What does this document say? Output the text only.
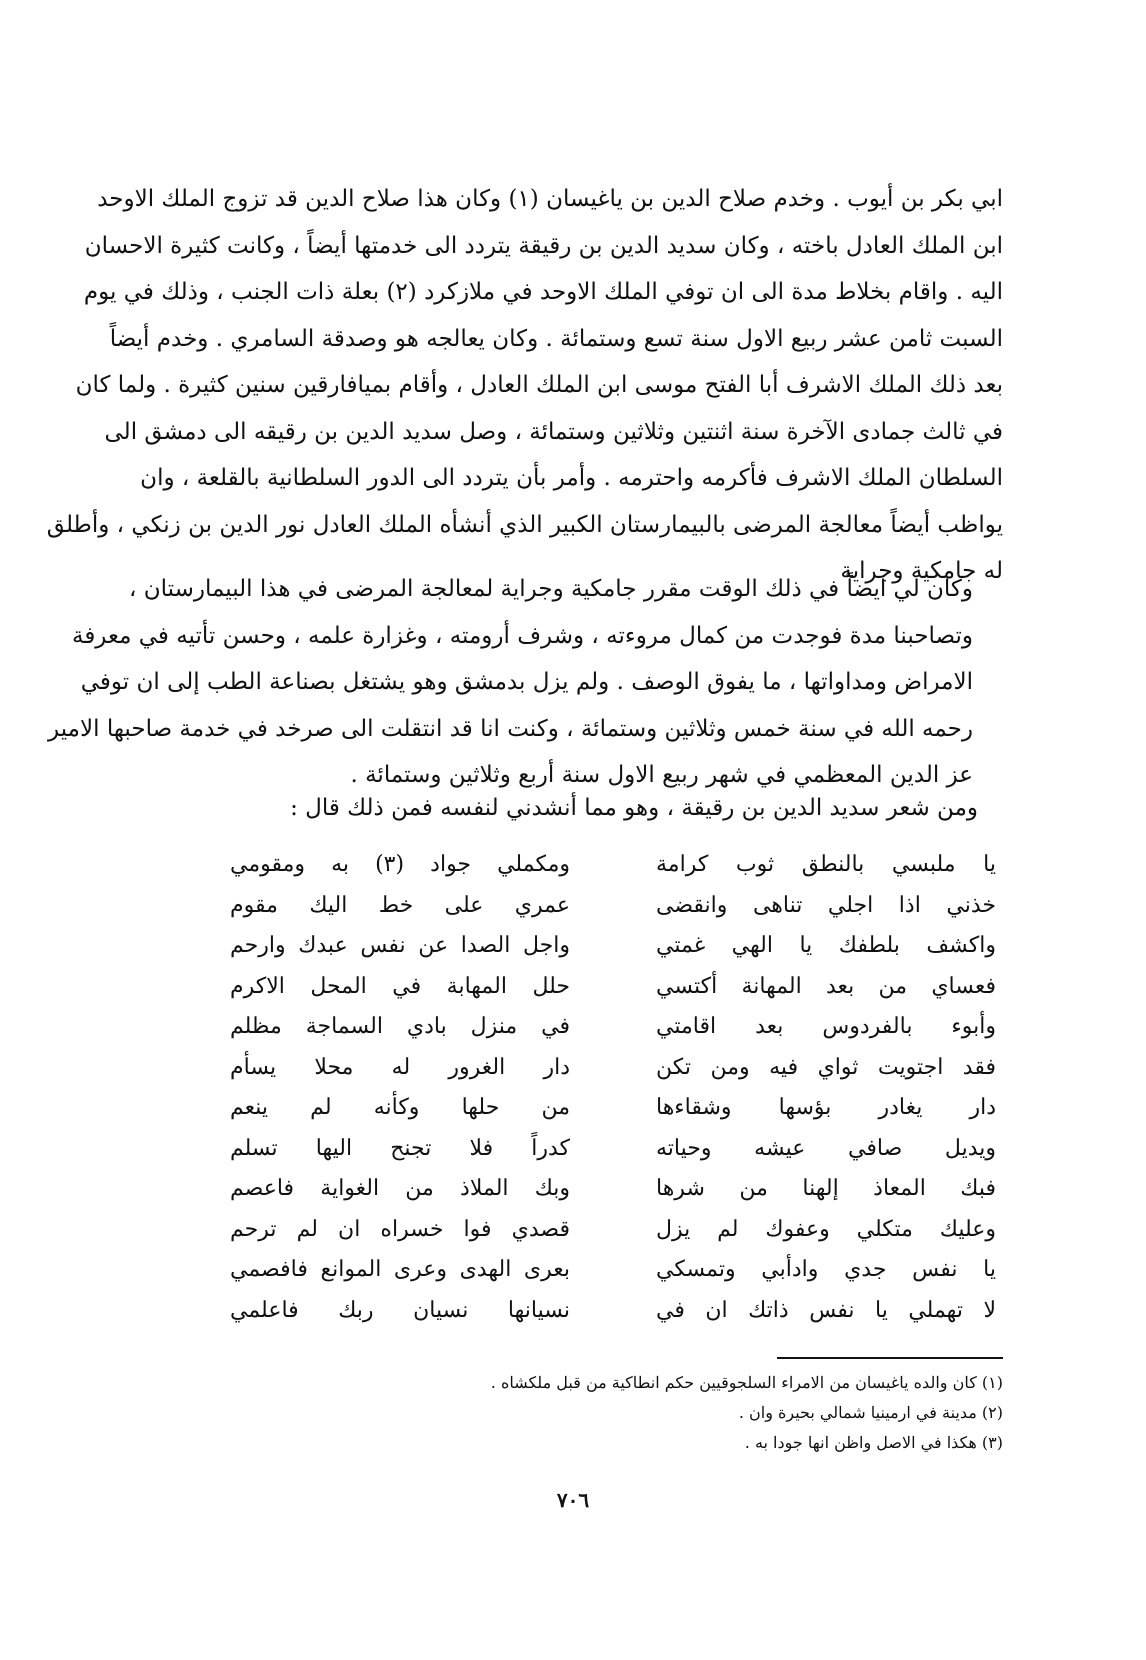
ابي بكر بن أيوب . وخدم صلاح الدين بن ياغيسان (١) وكان هذا صلاح الدين قد تزوج الملك الاوحد
ابن الملك العادل باخته ، وكان سديد الدين بن رقيقة يتردد الى خدمتها أيضاً ، وكانت كثيرة الاحسان
اليه . واقام بخلاط مدة الى ان توفي الملك الاوحد في ملازكرد (٢) بعلة ذات الجنب ، وذلك في يوم
السبت ثامن عشر ربيع الاول سنة تسع وستمائة . وكان يعالجه هو وصدقة السامري . وخدم أيضاً
بعد ذلك الملك الاشرف أبا الفتح موسى ابن الملك العادل ، وأقام بميافارقين سنين كثيرة . ولما كان
في ثالث جمادى الآخرة سنة اثنتين وثلاثين وستمائة ، وصل سديد الدين بن رقيقه الى دمشق الى
السلطان الملك الاشرف فأكرمه واحترمه . وأمر بأن يتردد الى الدور السلطانية بالقلعة ، وان
يواظب أيضاً معالجة المرضى بالبيمارستان الكبير الذي أنشأه الملك العادل نور الدين بن زنكي ، وأطلق
له جامكية وجراية
وكان لي ايضاً في ذلك الوقت مقرر جامكية وجراية لمعالجة المرضى في هذا البيمارستان ،
وتصاحبنا مدة فوجدت من كمال مروءته ، وشرف أرومته ، وغزارة علمه ، وحسن تأتيه في معرفة
الامراض ومداواتها ، ما يفوق الوصف . ولم يزل بدمشق وهو يشتغل بصناعة الطب إلى ان توفي
رحمه الله في سنة خمس وثلاثين وستمائة ، وكنت انا قد انتقلت الى صرخد في خدمة صاحبها الامير
عز الدين المعظمي في شهر ربيع الاول سنة أربع وثلاثين وستمائة .
ومن شعر سديد الدين بن رقيقة ، وهو مما أنشدني لنفسه فمن ذلك قال :
يا ملبسي بالنطق ثوب كرامة
ومكملي جواد (٣) به ومقومي
خذني اذا اجلي تناهى وانقضى
عمري على خط اليك مقوم
واكشف بلطفك يا الهي غمتي
واجل الصدا عن نفس عبدك وارحم
فعساي من بعد المهانة أكتسي
حلل المهابة في المحل الاكرم
وأبوء بالفردوس بعد اقامتي
في منزل بادي السماجة مظلم
فقد اجتويت ثواي فيه ومن تكن
دار الغرور له محلا يسأم
دار يغادر بؤسها وشقاءها
من حلها وكأنه لم ينعم
ويديل صافي عيشه وحياته
كدراً فلا تجنح اليها تسلم
فبك المعاذ إلهنا من شرها
وبك الملاذ من الغواية فاعصم
وعليك متكلي وعفوك لم يزل
قصدي فوا خسراه ان لم ترحم
يا نفس جدي وادأبي وتمسكي
بعرى الهدى وعرى الموانع فافصمي
لا تهملي يا نفس ذاتك ان في
نسيانها نسيان ربك فاعلمي
(١) كان والده ياغيسان من الامراء السلجوقيين حكم انطاكية من قبل ملكشاه .
(٢) مدينة في ارمينيا شمالي بحيرة وان .
(٣) هكذا في الاصل واظن انها جودا به .
٧٠٦
